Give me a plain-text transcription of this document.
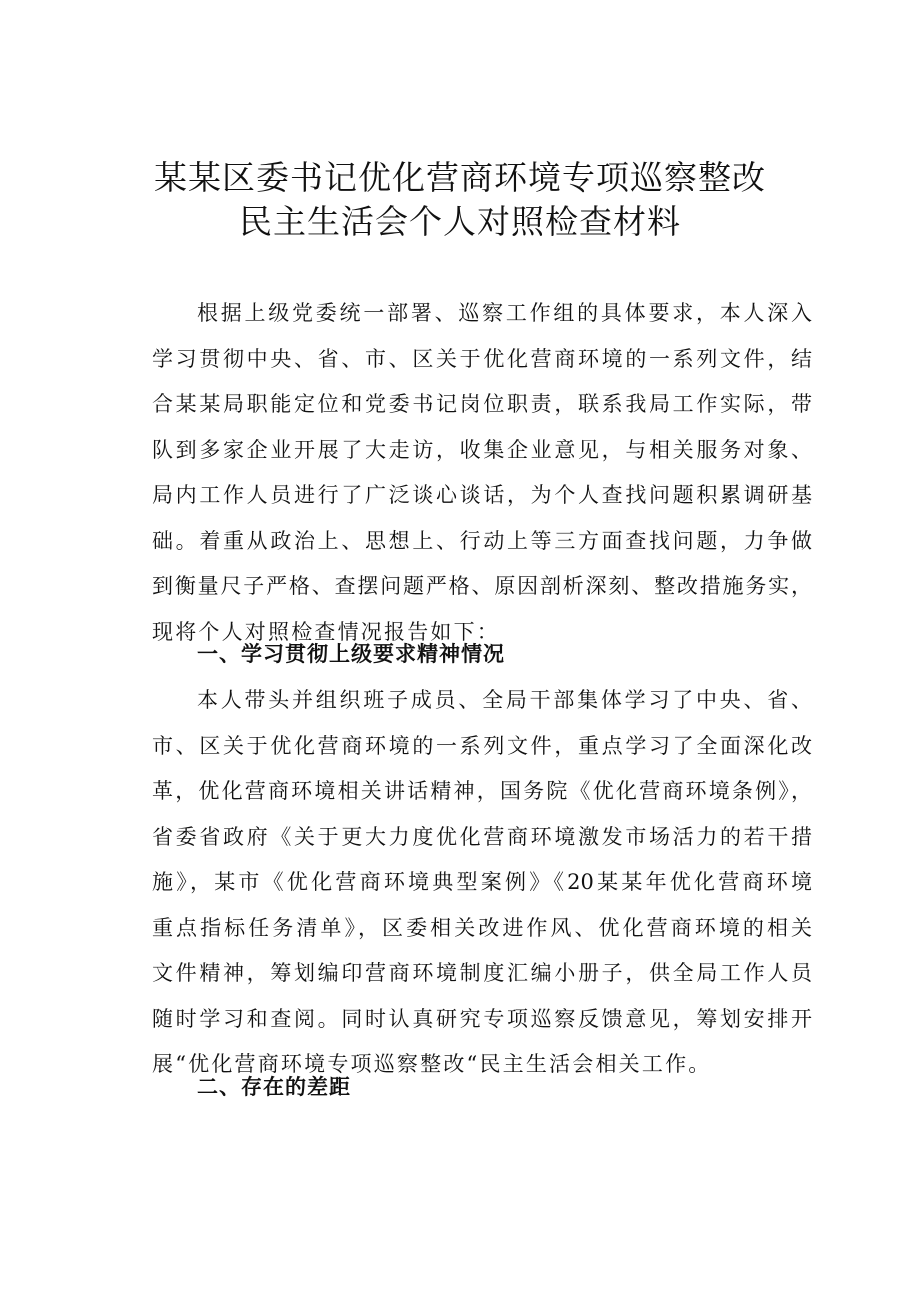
某某区委书记优化营商环境专项巡察整改
民主生活会个人对照检查材料
根据上级党委统一部署、巡察工作组的具体要求，本人深入
学习贯彻中央、省、市、区关于优化营商环境的一系列文件，结
合某某局职能定位和党委书记岗位职责，联系我局工作实际，带
队到多家企业开展了大走访，收集企业意见，与相关服务对象、
局内工作人员进行了广泛谈心谈话，为个人查找问题积累调研基
础。着重从政治上、思想上、行动上等三方面查找问题，力争做
到衡量尺子严格、查摆问题严格、原因剖析深刻、整改措施务实，
现将个人对照检查情况报告如下：
一、学习贯彻上级要求精神情况
本人带头并组织班子成员、全局干部集体学习了中央、省、
市、区关于优化营商环境的一系列文件，重点学习了全面深化改
革，优化营商环境相关讲话精神，国务院《优化营商环境条例》，
省委省政府《关于更大力度优化营商环境激发市场活力的若干措
施》，某市《优化营商环境典型案例》《20某某年优化营商环境
重点指标任务清单》，区委相关改进作风、优化营商环境的相关
文件精神，筹划编印营商环境制度汇编小册子，供全局工作人员
随时学习和查阅。同时认真研究专项巡察反馈意见，筹划安排开
展“优化营商环境专项巡察整改“民主生活会相关工作。
二、存在的差距
